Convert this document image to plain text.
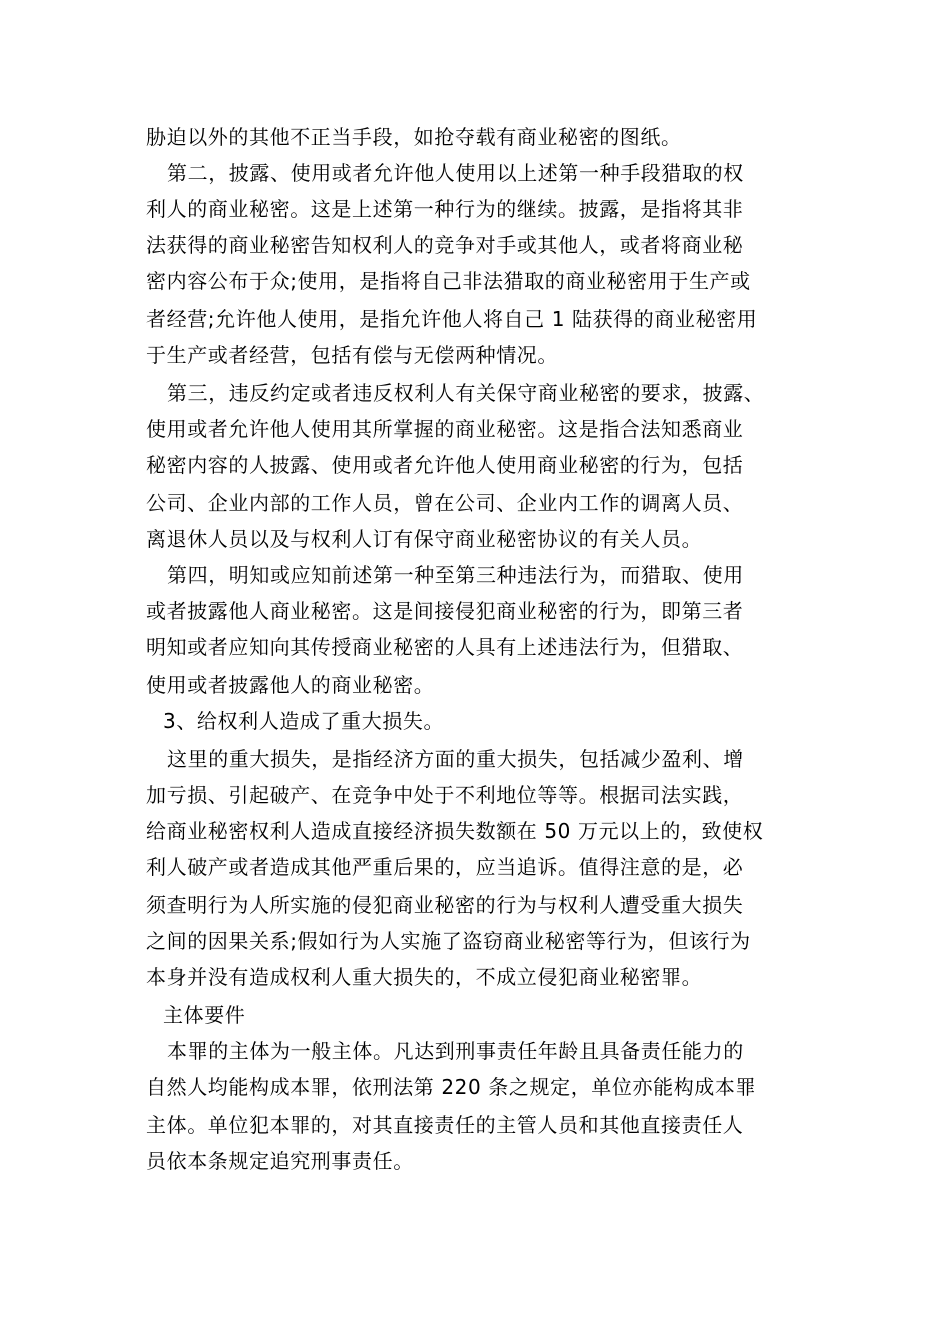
胁迫以外的其他不正当手段，如抢夺载有商业秘密的图纸。
第二，披露、使用或者允许他人使用以上述第一种手段猎取的权
利人的商业秘密。这是上述第一种行为的继续。披露，是指将其非
法获得的商业秘密告知权利人的竞争对手或其他人，或者将商业秘
密内容公布于众;使用，是指将自己非法猎取的商业秘密用于生产或
者经营;允许他人使用，是指允许他人将自己 1 陆获得的商业秘密用
于生产或者经营，包括有偿与无偿两种情况。
第三，违反约定或者违反权利人有关保守商业秘密的要求，披露、
使用或者允许他人使用其所掌握的商业秘密。这是指合法知悉商业
秘密内容的人披露、使用或者允许他人使用商业秘密的行为，包括
公司、企业内部的工作人员，曾在公司、企业内工作的调离人员、
离退休人员以及与权利人订有保守商业秘密协议的有关人员。
第四，明知或应知前述第一种至第三种违法行为，而猎取、使用
或者披露他人商业秘密。这是间接侵犯商业秘密的行为，即第三者
明知或者应知向其传授商业秘密的人具有上述违法行为，但猎取、
使用或者披露他人的商业秘密。
3、给权利人造成了重大损失。
这里的重大损失，是指经济方面的重大损失，包括减少盈利、增
加亏损、引起破产、在竞争中处于不利地位等等。根据司法实践，
给商业秘密权利人造成直接经济损失数额在 50 万元以上的，致使权
利人破产或者造成其他严重后果的，应当追诉。值得注意的是，必
须查明行为人所实施的侵犯商业秘密的行为与权利人遭受重大损失
之间的因果关系;假如行为人实施了盗窃商业秘密等行为，但该行为
本身并没有造成权利人重大损失的，不成立侵犯商业秘密罪。
主体要件
本罪的主体为一般主体。凡达到刑事责任年龄且具备责任能力的
自然人均能构成本罪，依刑法第 220 条之规定，单位亦能构成本罪
主体。单位犯本罪的，对其直接责任的主管人员和其他直接责任人
员依本条规定追究刑事责任。
